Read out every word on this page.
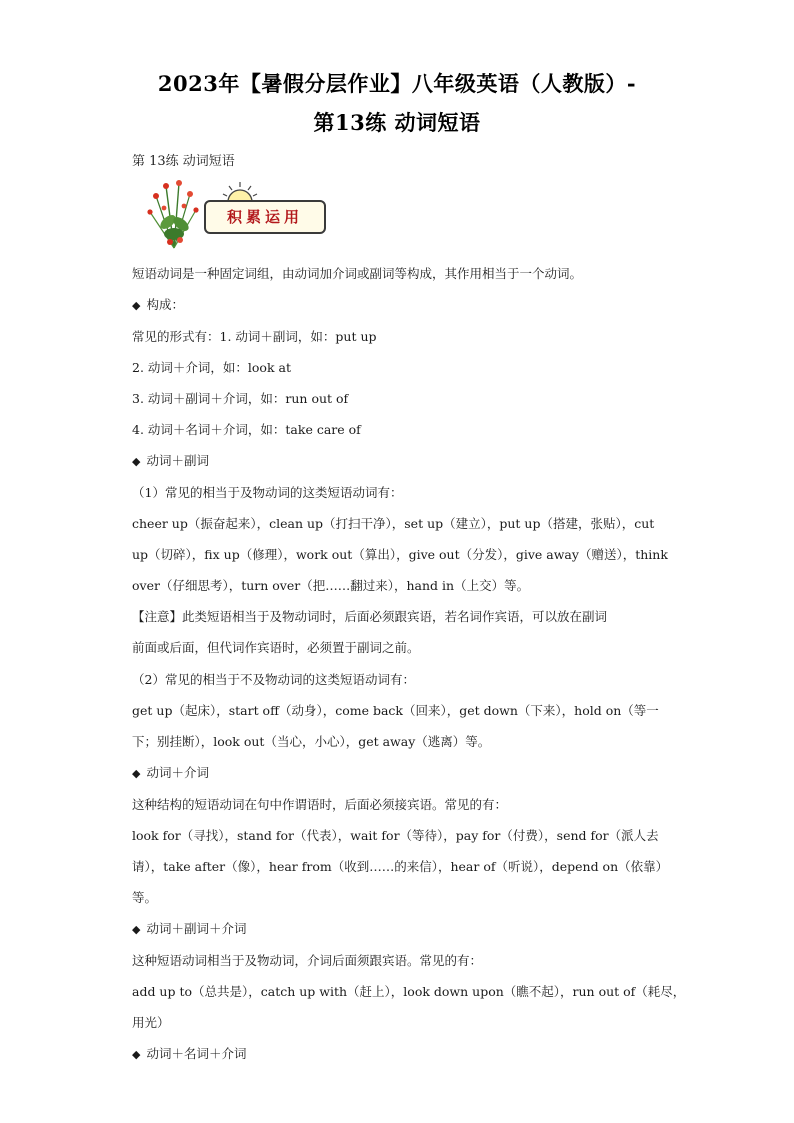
2023年【暑假分层作业】八年级英语（人教版）-
第13练 动词短语
第 13练 动词短语
积累运用
短语动词是一种固定词组，由动词加介词或副词等构成，其作用相当于一个动词。
◆ 构成：
常见的形式有：1. 动词＋副词，如：put up
2. 动词＋介词，如：look at
3. 动词＋副词＋介词，如：run out of
4. 动词＋名词＋介词，如：take care of
◆ 动词＋副词
（1）常见的相当于及物动词的这类短语动词有：
cheer up（振奋起来），clean up（打扫干净），set up（建立），put up（搭建，张贴），cut
up（切碎），fix up（修理），work out（算出），give out（分发），give away（赠送），think
over（仔细思考），turn over（把……翻过来），hand in（上交）等。
【注意】此类短语相当于及物动词时，后面必须跟宾语，若名词作宾语，可以放在副词
前面或后面，但代词作宾语时，必须置于副词之前。
（2）常见的相当于不及物动词的这类短语动词有：
get up（起床），start off（动身），come back（回来），get down（下来），hold on（等一
下；别挂断），look out（当心，小心），get away（逃离）等。
◆ 动词＋介词
这种结构的短语动词在句中作谓语时，后面必须接宾语。常见的有：
look for（寻找），stand for（代表），wait for（等待），pay for（付费），send for（派人去
请），take after（像），hear from（收到……的来信），hear of（听说），depend on（依靠）
等。
◆ 动词＋副词＋介词
这种短语动词相当于及物动词，介词后面须跟宾语。常见的有：
add up to（总共是），catch up with（赶上），look down upon（瞧不起），run out of（耗尽，
用光）
◆ 动词＋名词＋介词
